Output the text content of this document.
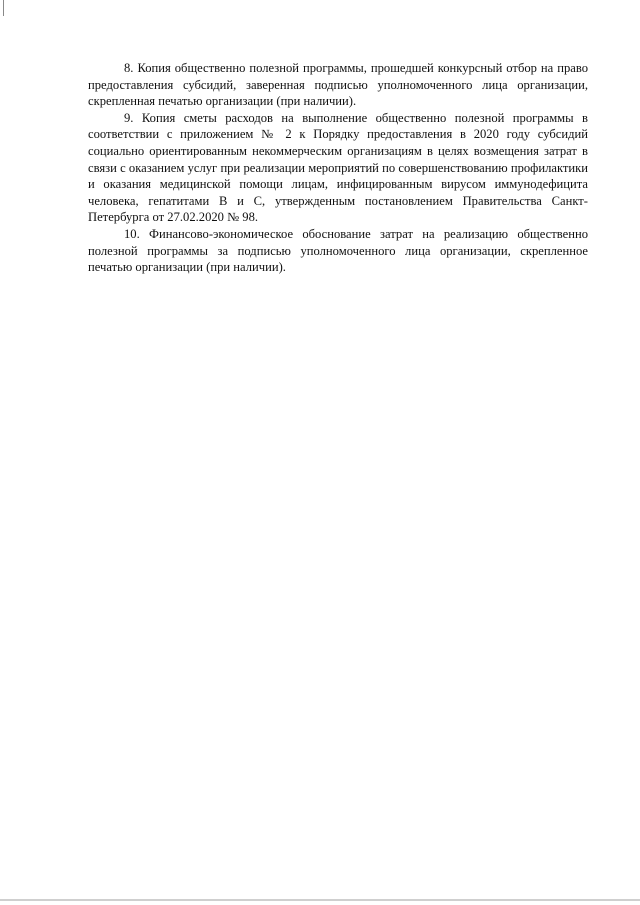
8. Копия общественно полезной программы, прошедшей конкурсный отбор на право предоставления субсидий, заверенная подписью уполномоченного лица организации, скрепленная печатью организации (при наличии).

9. Копия сметы расходов на выполнение общественно полезной программы в соответствии с приложением № 2 к Порядку предоставления в 2020 году субсидий социально ориентированным некоммерческим организациям в целях возмещения затрат в связи с оказанием услуг при реализации мероприятий по совершенствованию профилактики и оказания медицинской помощи лицам, инфицированным вирусом иммунодефицита человека, гепатитами В и С, утвержденным постановлением Правительства Санкт-Петербурга от 27.02.2020 № 98.

10. Финансово-экономическое обоснование затрат на реализацию общественно полезной программы за подписью уполномоченного лица организации, скрепленное печатью организации (при наличии).
